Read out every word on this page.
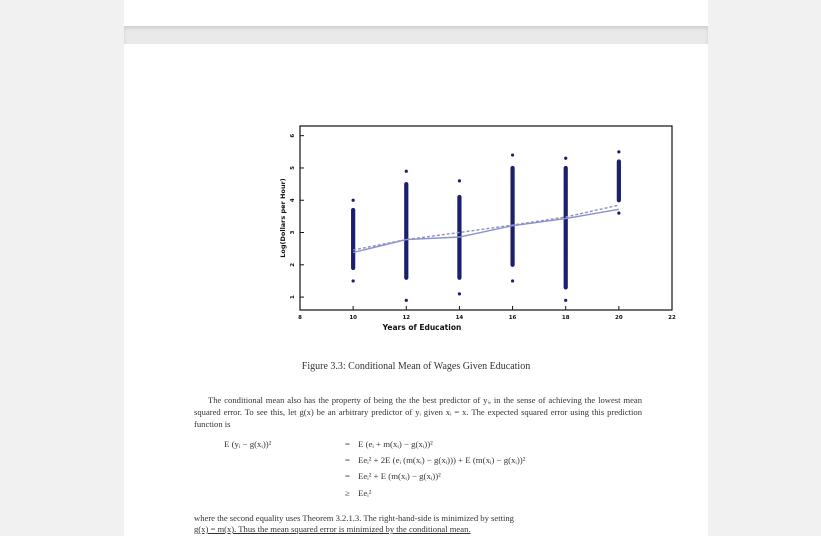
8	10	12	14	16	18	20	22
1
2
3
4
5
6
Years of Education
Log(Dollars per Hour)
Figure 3.3: Conditional Mean of Wages Given Education
The conditional mean also has the property of being the the best predictor of yᵢ, in the sense of achieving the lowest mean squared error. To see this, let g(x) be an arbitrary predictor of yᵢ given xᵢ = x. The expected squared error using this prediction function is
E (yᵢ − g(xᵢ))²	= E (eᵢ + m(xᵢ) − g(xᵢ))²
= Eeᵢ² + 2E (eᵢ (m(xᵢ) − g(xᵢ))) + E (m(xᵢ) − g(xᵢ))²
= Eeᵢ² + E (m(xᵢ) − g(xᵢ))²
≥ Eeᵢ²
where the second equality uses Theorem 3.2.1.3. The right-hand-side is minimized by setting
g(x) = m(x). Thus the mean squared error is minimized by the conditional mean.
